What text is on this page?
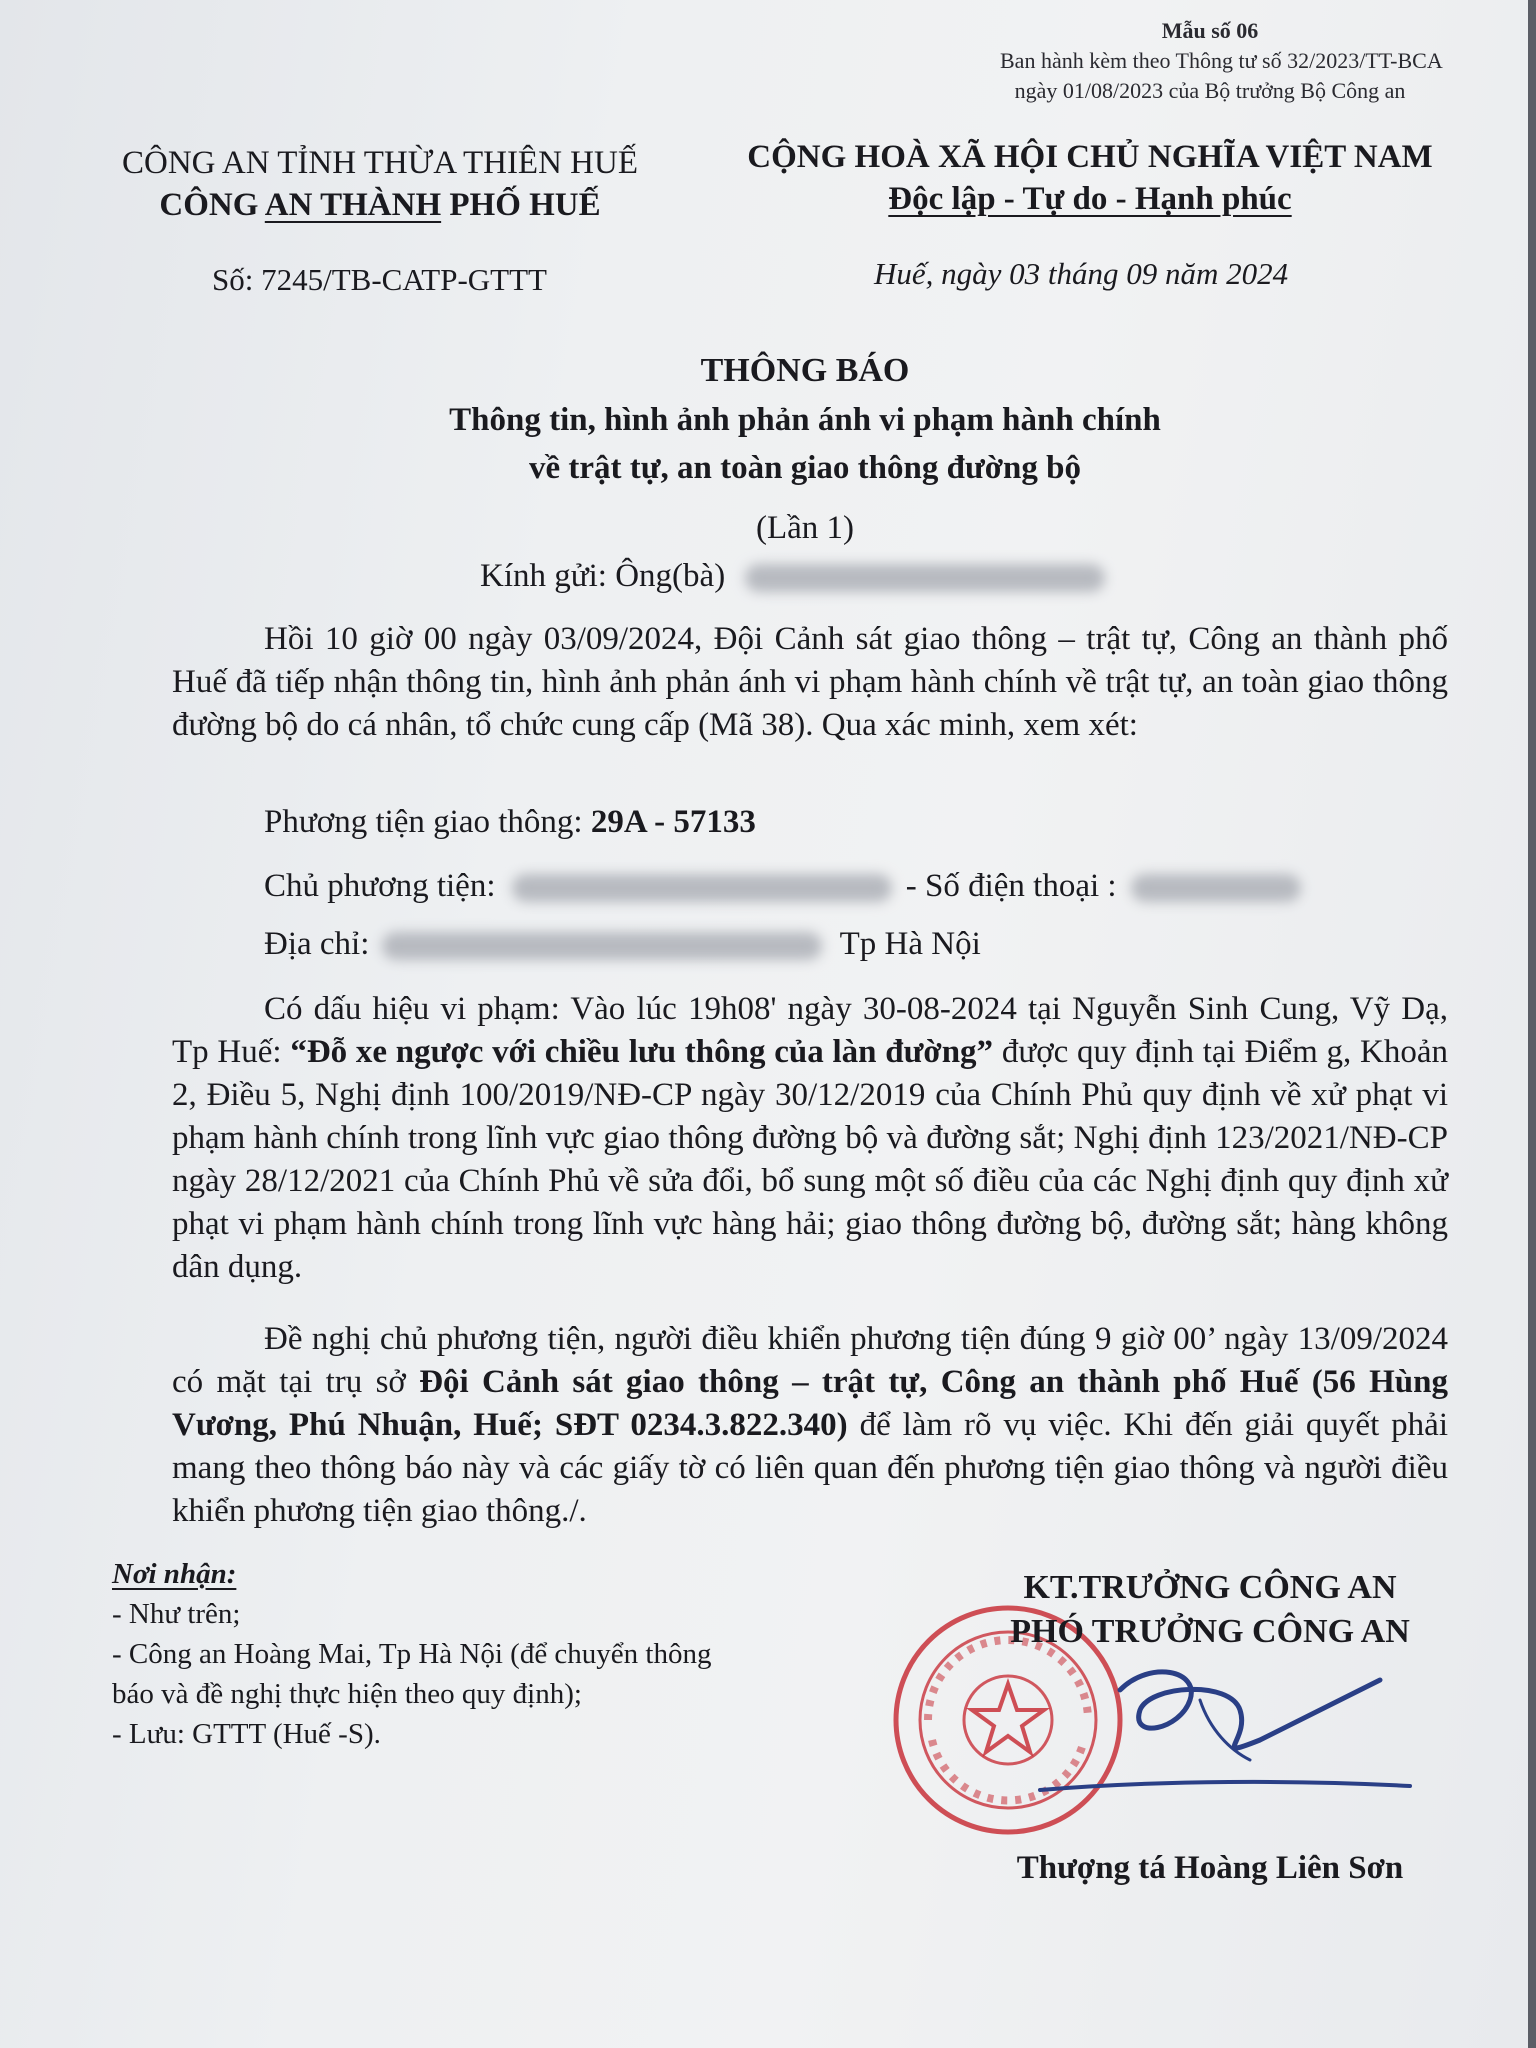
Mẫu số 06
Ban hành kèm theo Thông tư số 32/2023/TT-BCA
ngày 01/08/2023 của Bộ trưởng Bộ Công an
CÔNG AN TỈNH THỪA THIÊN HUẾ
CÔNG AN THÀNH PHỐ HUẾ
CỘNG HOÀ XÃ HỘI CHỦ NGHĨA VIỆT NAM
Độc lập - Tự do - Hạnh phúc
Số: 7245/TB-CATP-GTTT	Huế, ngày 03 tháng 09 năm 2024
THÔNG BÁO
Thông tin, hình ảnh phản ánh vi phạm hành chính
về trật tự, an toàn giao thông đường bộ
(Lần 1)
Kính gửi: Ông(bà)
Hồi 10 giờ 00 ngày 03/09/2024, Đội Cảnh sát giao thông – trật tự, Công an thành phố Huế đã tiếp nhận thông tin, hình ảnh phản ánh vi phạm hành chính về trật tự, an toàn giao thông đường bộ do cá nhân, tổ chức cung cấp (Mã 38). Qua xác minh, xem xét:
Phương tiện giao thông: 29A - 57133
Chủ phương tiện:	- Số điện thoại :
Địa chỉ:	Tp Hà Nội
Có dấu hiệu vi phạm: Vào lúc 19h08' ngày 30-08-2024 tại Nguyễn Sinh Cung, Vỹ Dạ, Tp Huế: “Đỗ xe ngược với chiều lưu thông của làn đường” được quy định tại Điểm g, Khoản 2, Điều 5, Nghị định 100/2019/NĐ-CP ngày 30/12/2019 của Chính Phủ quy định về xử phạt vi phạm hành chính trong lĩnh vực giao thông đường bộ và đường sắt; Nghị định 123/2021/NĐ-CP ngày 28/12/2021 của Chính Phủ về sửa đổi, bổ sung một số điều của các Nghị định quy định xử phạt vi phạm hành chính trong lĩnh vực hàng hải; giao thông đường bộ, đường sắt; hàng không dân dụng.
Đề nghị chủ phương tiện, người điều khiển phương tiện đúng 9 giờ 00’ ngày 13/09/2024 có mặt tại trụ sở Đội Cảnh sát giao thông – trật tự, Công an thành phố Huế (56 Hùng Vương, Phú Nhuận, Huế; SĐT 0234.3.822.340) để làm rõ vụ việc. Khi đến giải quyết phải mang theo thông báo này và các giấy tờ có liên quan đến phương tiện giao thông và người điều khiển phương tiện giao thông./.
Nơi nhận:
- Như trên;
- Công an Hoàng Mai, Tp Hà Nội (để chuyển thông
báo và đề nghị thực hiện theo quy định);
- Lưu: GTTT (Huế -S).
KT.TRƯỞNG CÔNG AN
PHÓ TRƯỞNG CÔNG AN
Thượng tá Hoàng Liên Sơn
